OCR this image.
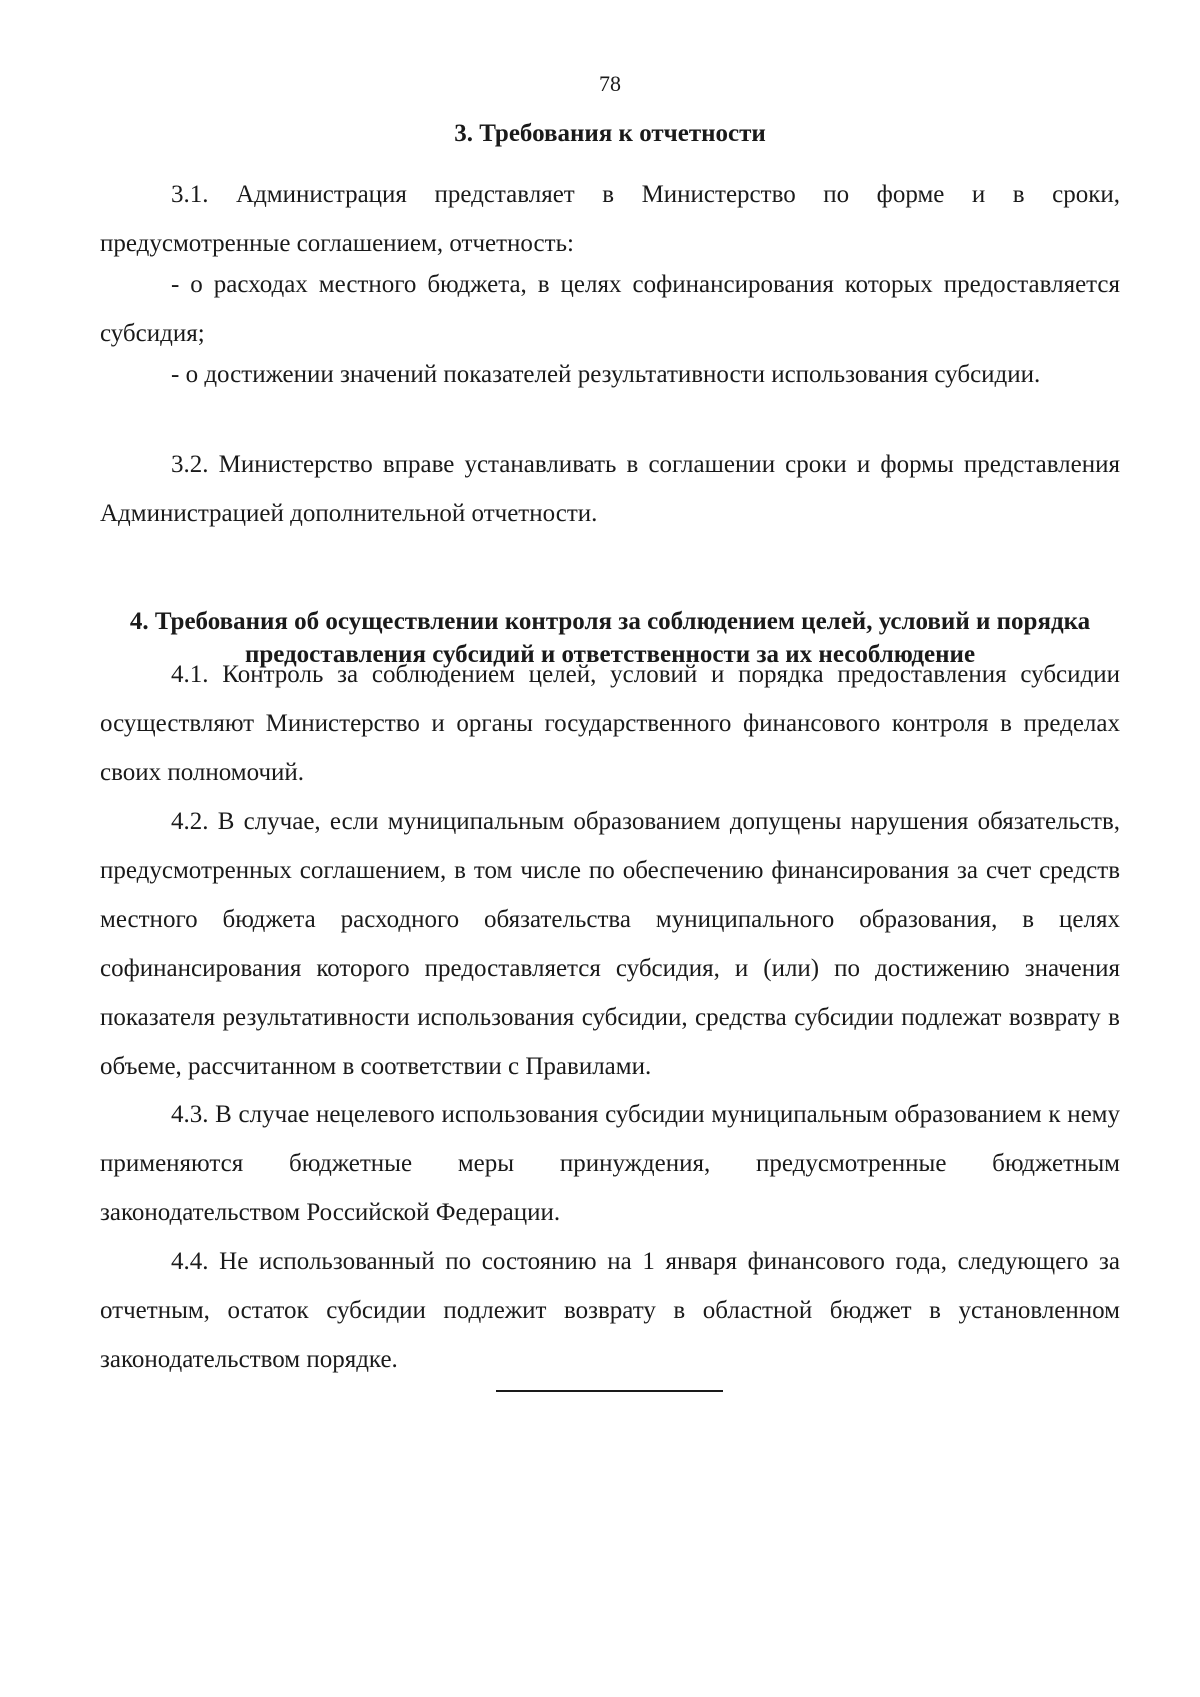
78
3. Требования к отчетности

3.1. Администрация представляет в Министерство по форме и в сроки, предусмотренные соглашением, отчетность:

- о расходах местного бюджета, в целях софинансирования которых предоставляется субсидия;

- о достижении значений показателей результативности использования субсидии.

3.2. Министерство вправе устанавливать в соглашении сроки и формы представления Администрацией дополнительной отчетности.

4. Требования об осуществлении контроля за соблюдением целей, условий и порядка предоставления субсидий и ответственности за их несоблюдение

4.1. Контроль за соблюдением целей, условий и порядка предоставления субсидии осуществляют Министерство и органы государственного финансового контроля в пределах своих полномочий.

4.2. В случае, если муниципальным образованием допущены нарушения обязательств, предусмотренных соглашением, в том числе по обеспечению финансирования за счет средств местного бюджета расходного обязательства муниципального образования, в целях софинансирования которого предоставляется субсидия, и (или) по достижению значения показателя результативности использования субсидии, средства субсидии подлежат возврату в объеме, рассчитанном в соответствии с Правилами.

4.3. В случае нецелевого использования субсидии муниципальным образованием к нему применяются бюджетные меры принуждения, предусмотренные бюджетным законодательством Российской Федерации.

4.4. Не использованный по состоянию на 1 января финансового года, следующего за отчетным, остаток субсидии подлежит возврату в областной бюджет в установленном законодательством порядке.
